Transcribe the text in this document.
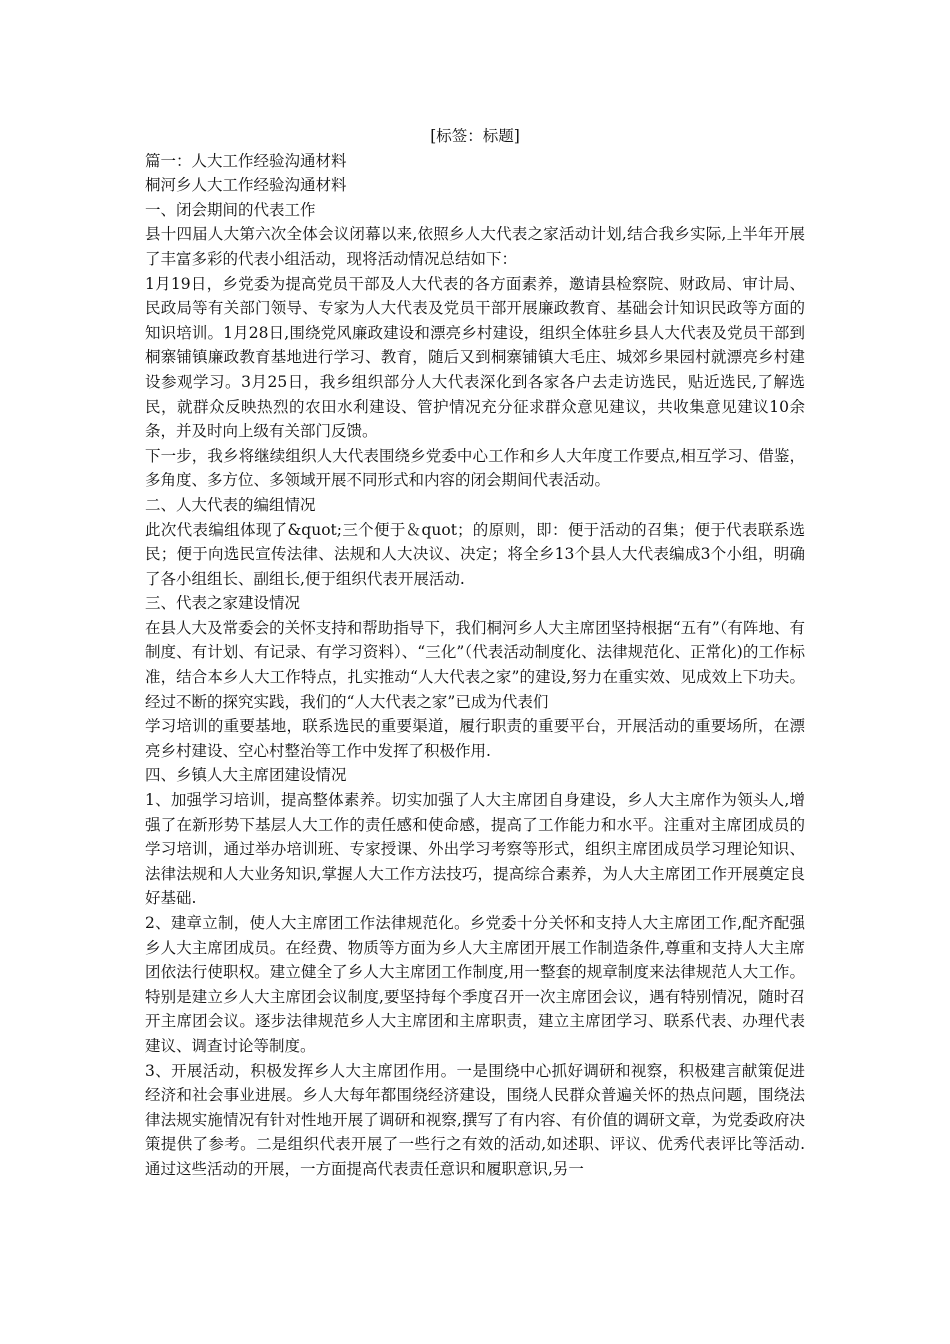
[标签：标题]

篇一：人大工作经验沟通材料

桐河乡人大工作经验沟通材料

一、闭会期间的代表工作

县十四届人大第六次全体会议闭幕以来,依照乡人大代表之家活动计划,结合我乡实际,上半年开展了丰富多彩的代表小组活动，现将活动情况总结如下：

1月19日，乡党委为提高党员干部及人大代表的各方面素养，邀请县检察院、财政局、审计局、民政局等有关部门领导、专家为人大代表及党员干部开展廉政教育、基础会计知识民政等方面的知识培训。1月28日,围绕党风廉政建设和漂亮乡村建设，组织全体驻乡县人大代表及党员干部到桐寨铺镇廉政教育基地进行学习、教育，随后又到桐寨铺镇大毛庄、城郊乡果园村就漂亮乡村建设参观学习。3月25日，我乡组织部分人大代表深化到各家各户去走访选民，贴近选民,了解选民，就群众反映热烈的农田水利建设、管护情况充分征求群众意见建议，共收集意见建议10余条，并及时向上级有关部门反馈。

下一步，我乡将继续组织人大代表围绕乡党委中心工作和乡人大年度工作要点,相互学习、借鉴，多角度、多方位、多领域开展不同形式和内容的闭会期间代表活动。

二、人大代表的编组情况

此次代表编组体现了&quot;三个便于＆quot；的原则，即：便于活动的召集；便于代表联系选民；便于向选民宣传法律、法规和人大决议、决定；将全乡13个县人大代表编成3个小组，明确了各小组组长、副组长,便于组织代表开展活动.

三、代表之家建设情况

在县人大及常委会的关怀支持和帮助指导下，我们桐河乡人大主席团坚持根据“五有”（有阵地、有制度、有计划、有记录、有学习资料）、“三化”（代表活动制度化、法律规范化、正常化)的工作标准，结合本乡人大工作特点，扎实推动“人大代表之家”的建设,努力在重实效、见成效上下功夫。经过不断的探究实践，我们的“人大代表之家”已成为代表们

学习培训的重要基地，联系选民的重要渠道，履行职责的重要平台，开展活动的重要场所，在漂亮乡村建设、空心村整治等工作中发挥了积极作用.

四、乡镇人大主席团建设情况

1、加强学习培训，提高整体素养。切实加强了人大主席团自身建设，乡人大主席作为领头人,增强了在新形势下基层人大工作的责任感和使命感，提高了工作能力和水平。注重对主席团成员的学习培训，通过举办培训班、专家授课、外出学习考察等形式，组织主席团成员学习理论知识、法律法规和人大业务知识,掌握人大工作方法技巧，提高综合素养，为人大主席团工作开展奠定良好基础.

2、建章立制，使人大主席团工作法律规范化。乡党委十分关怀和支持人大主席团工作,配齐配强乡人大主席团成员。在经费、物质等方面为乡人大主席团开展工作制造条件,尊重和支持人大主席团依法行使职权。建立健全了乡人大主席团工作制度,用一整套的规章制度来法律规范人大工作。特别是建立乡人大主席团会议制度,要坚持每个季度召开一次主席团会议，遇有特别情况，随时召开主席团会议。逐步法律规范乡人大主席团和主席职责，建立主席团学习、联系代表、办理代表建议、调查讨论等制度。

3、开展活动，积极发挥乡人大主席团作用。一是围绕中心抓好调研和视察，积极建言献策促进经济和社会事业进展。乡人大每年都围绕经济建设，围绕人民群众普遍关怀的热点问题，围绕法律法规实施情况有针对性地开展了调研和视察,撰写了有内容、有价值的调研文章，为党委政府决策提供了参考。二是组织代表开展了一些行之有效的活动,如述职、评议、优秀代表评比等活动.通过这些活动的开展，一方面提高代表责任意识和履职意识,另一
